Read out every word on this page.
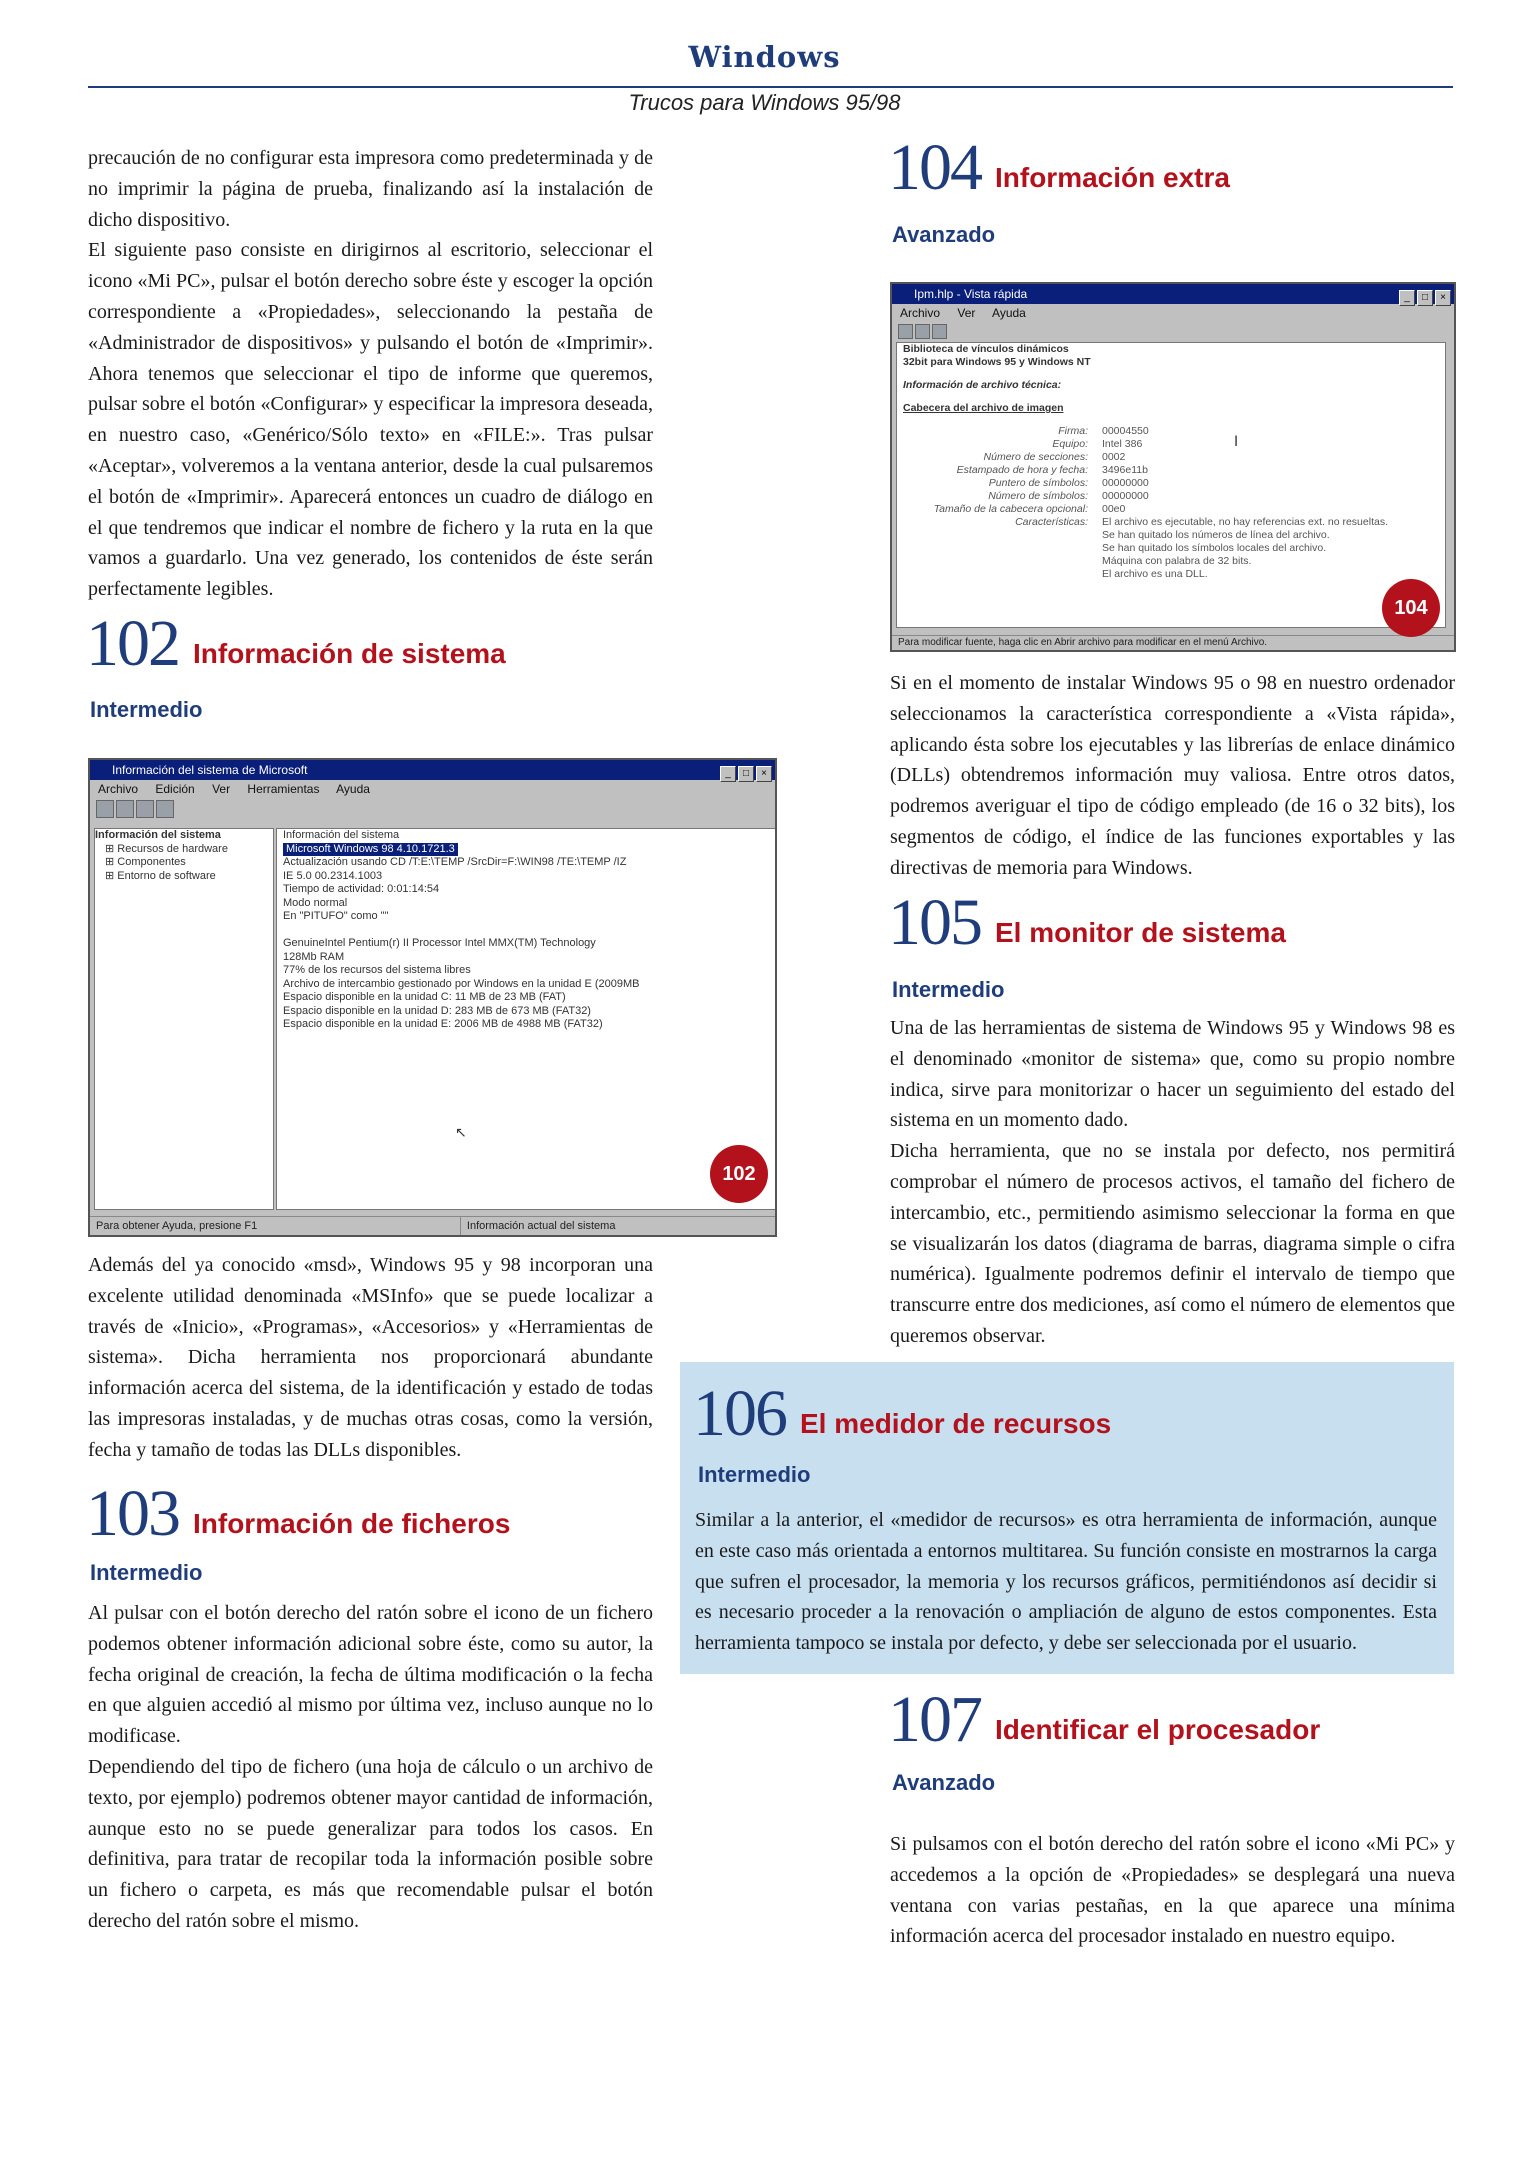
Windows
Trucos para Windows 95/98

precaución de no configurar esta impresora como predeterminada y de no imprimir la página de prueba, finalizando así la instalación de dicho dispositivo.

El siguiente paso consiste en dirigirnos al escritorio, seleccionar el icono «Mi PC», pulsar el botón derecho sobre éste y escoger la opción correspondiente a «Propiedades», seleccionando la pestaña de «Administrador de dispositivos» y pulsando el botón de «Imprimir». Ahora tenemos que seleccionar el tipo de informe que queremos, pulsar sobre el botón «Configurar» y especificar la impresora deseada, en nuestro caso, «Genérico/Sólo texto» en «FILE:». Tras pulsar «Aceptar», volveremos a la ventana anterior, desde la cual pulsaremos el botón de «Imprimir». Aparecerá entonces un cuadro de diálogo en el que tendremos que indicar el nombre de fichero y la ruta en la que vamos a guardarlo. Una vez generado, los contenidos de éste serán perfectamente legibles.

102 Información de sistema
Intermedio
Información del sistema de Microsoft	_ □ ×
Archivo Edición Ver Herramientas Ayuda
Información del sistema
⊞ Recursos de hardware
⊞ Componentes
⊞ Entorno de software
Información del sistema
Microsoft Windows 98 4.10.1721.3
Actualización usando CD /T:E:\TEMP /SrcDir=F:\WIN98 /TE:\TEMP /IZ
IE 5.0 00.2314.1003
Tiempo de actividad: 0:01:14:54
Modo normal
En "PITUFO" como ""
GenuineIntel Pentium(r) II Processor Intel MMX(TM) Technology
128Mb RAM
77% de los recursos del sistema libres
Archivo de intercambio gestionado por Windows en la unidad E (2009MB
Espacio disponible en la unidad C: 11 MB de 23 MB (FAT)
Espacio disponible en la unidad D: 283 MB de 673 MB (FAT32)
Espacio disponible en la unidad E: 2006 MB de 4988 MB (FAT32)
↖
Para obtener Ayuda, presione F1	Información actual del sistema
102

Además del ya conocido «msd», Windows 95 y 98 incorporan una excelente utilidad denominada «MSInfo» que se puede localizar a través de «Inicio», «Programas», «Accesorios» y «Herramientas de sistema». Dicha herramienta nos proporcionará abundante información acerca del sistema, de la identificación y estado de todas las impresoras instaladas, y de muchas otras cosas, como la versión, fecha y tamaño de todas las DLLs disponibles.

103 Información de ficheros
Intermedio

Al pulsar con el botón derecho del ratón sobre el icono de un fichero podemos obtener información adicional sobre éste, como su autor, la fecha original de creación, la fecha de última modificación o la fecha en que alguien accedió al mismo por última vez, incluso aunque no lo modificase.

Dependiendo del tipo de fichero (una hoja de cálculo o un archivo de texto, por ejemplo) podremos obtener mayor cantidad de información, aunque esto no se puede generalizar para todos los casos. En definitiva, para tratar de recopilar toda la información posible sobre un fichero o carpeta, es más que recomendable pulsar el botón derecho del ratón sobre el mismo.

104 Información extra
Avanzado
Ipm.hlp - Vista rápida	_ □ ×
Archivo Ver Ayuda
Biblioteca de vínculos dinámicos
32bit para Windows 95 y Windows NT
Información de archivo técnica:
Cabecera del archivo de imagen
Firma:	00004550
Equipo:	Intel 386
Número de secciones:	0002
Estampado de hora y fecha:	3496e11b
Puntero de símbolos:	00000000
Número de símbolos:	00000000
Tamaño de la cabecera opcional:	00e0
Características:	El archivo es ejecutable, no hay referencias ext. no resueltas.
Se han quitado los números de línea del archivo.
Se han quitado los símbolos locales del archivo.
Máquina con palabra de 32 bits.
El archivo es una DLL.
I
Para modificar fuente, haga clic en Abrir archivo para modificar en el menú Archivo.
104

Si en el momento de instalar Windows 95 o 98 en nuestro ordenador seleccionamos la característica correspondiente a «Vista rápida», aplicando ésta sobre los ejecutables y las librerías de enlace dinámico (DLLs) obtendremos información muy valiosa. Entre otros datos, podremos averiguar el tipo de código empleado (de 16 o 32 bits), los segmentos de código, el índice de las funciones exportables y las directivas de memoria para Windows.

105 El monitor de sistema
Intermedio

Una de las herramientas de sistema de Windows 95 y Windows 98 es el denominado «monitor de sistema» que, como su propio nombre indica, sirve para monitorizar o hacer un seguimiento del estado del sistema en un momento dado.

Dicha herramienta, que no se instala por defecto, nos permitirá comprobar el número de procesos activos, el tamaño del fichero de intercambio, etc., permitiendo asimismo seleccionar la forma en que se visualizarán los datos (diagrama de barras, diagrama simple o cifra numérica). Igualmente podremos definir el intervalo de tiempo que transcurre entre dos mediciones, así como el número de elementos que queremos observar.

106 El medidor de recursos
Intermedio

Similar a la anterior, el «medidor de recursos» es otra herramienta de información, aunque en este caso más orientada a entornos multitarea. Su función consiste en mostrarnos la carga que sufren el procesador, la memoria y los recursos gráficos, permitiéndonos así decidir si es necesario proceder a la renovación o ampliación de alguno de estos componentes. Esta herramienta tampoco se instala por defecto, y debe ser seleccionada por el usuario.

107 Identificar el procesador
Avanzado

Si pulsamos con el botón derecho del ratón sobre el icono «Mi PC» y accedemos a la opción de «Propiedades» se desplegará una nueva ventana con varias pestañas, en la que aparece una mínima información acerca del procesador instalado en nuestro equipo.
